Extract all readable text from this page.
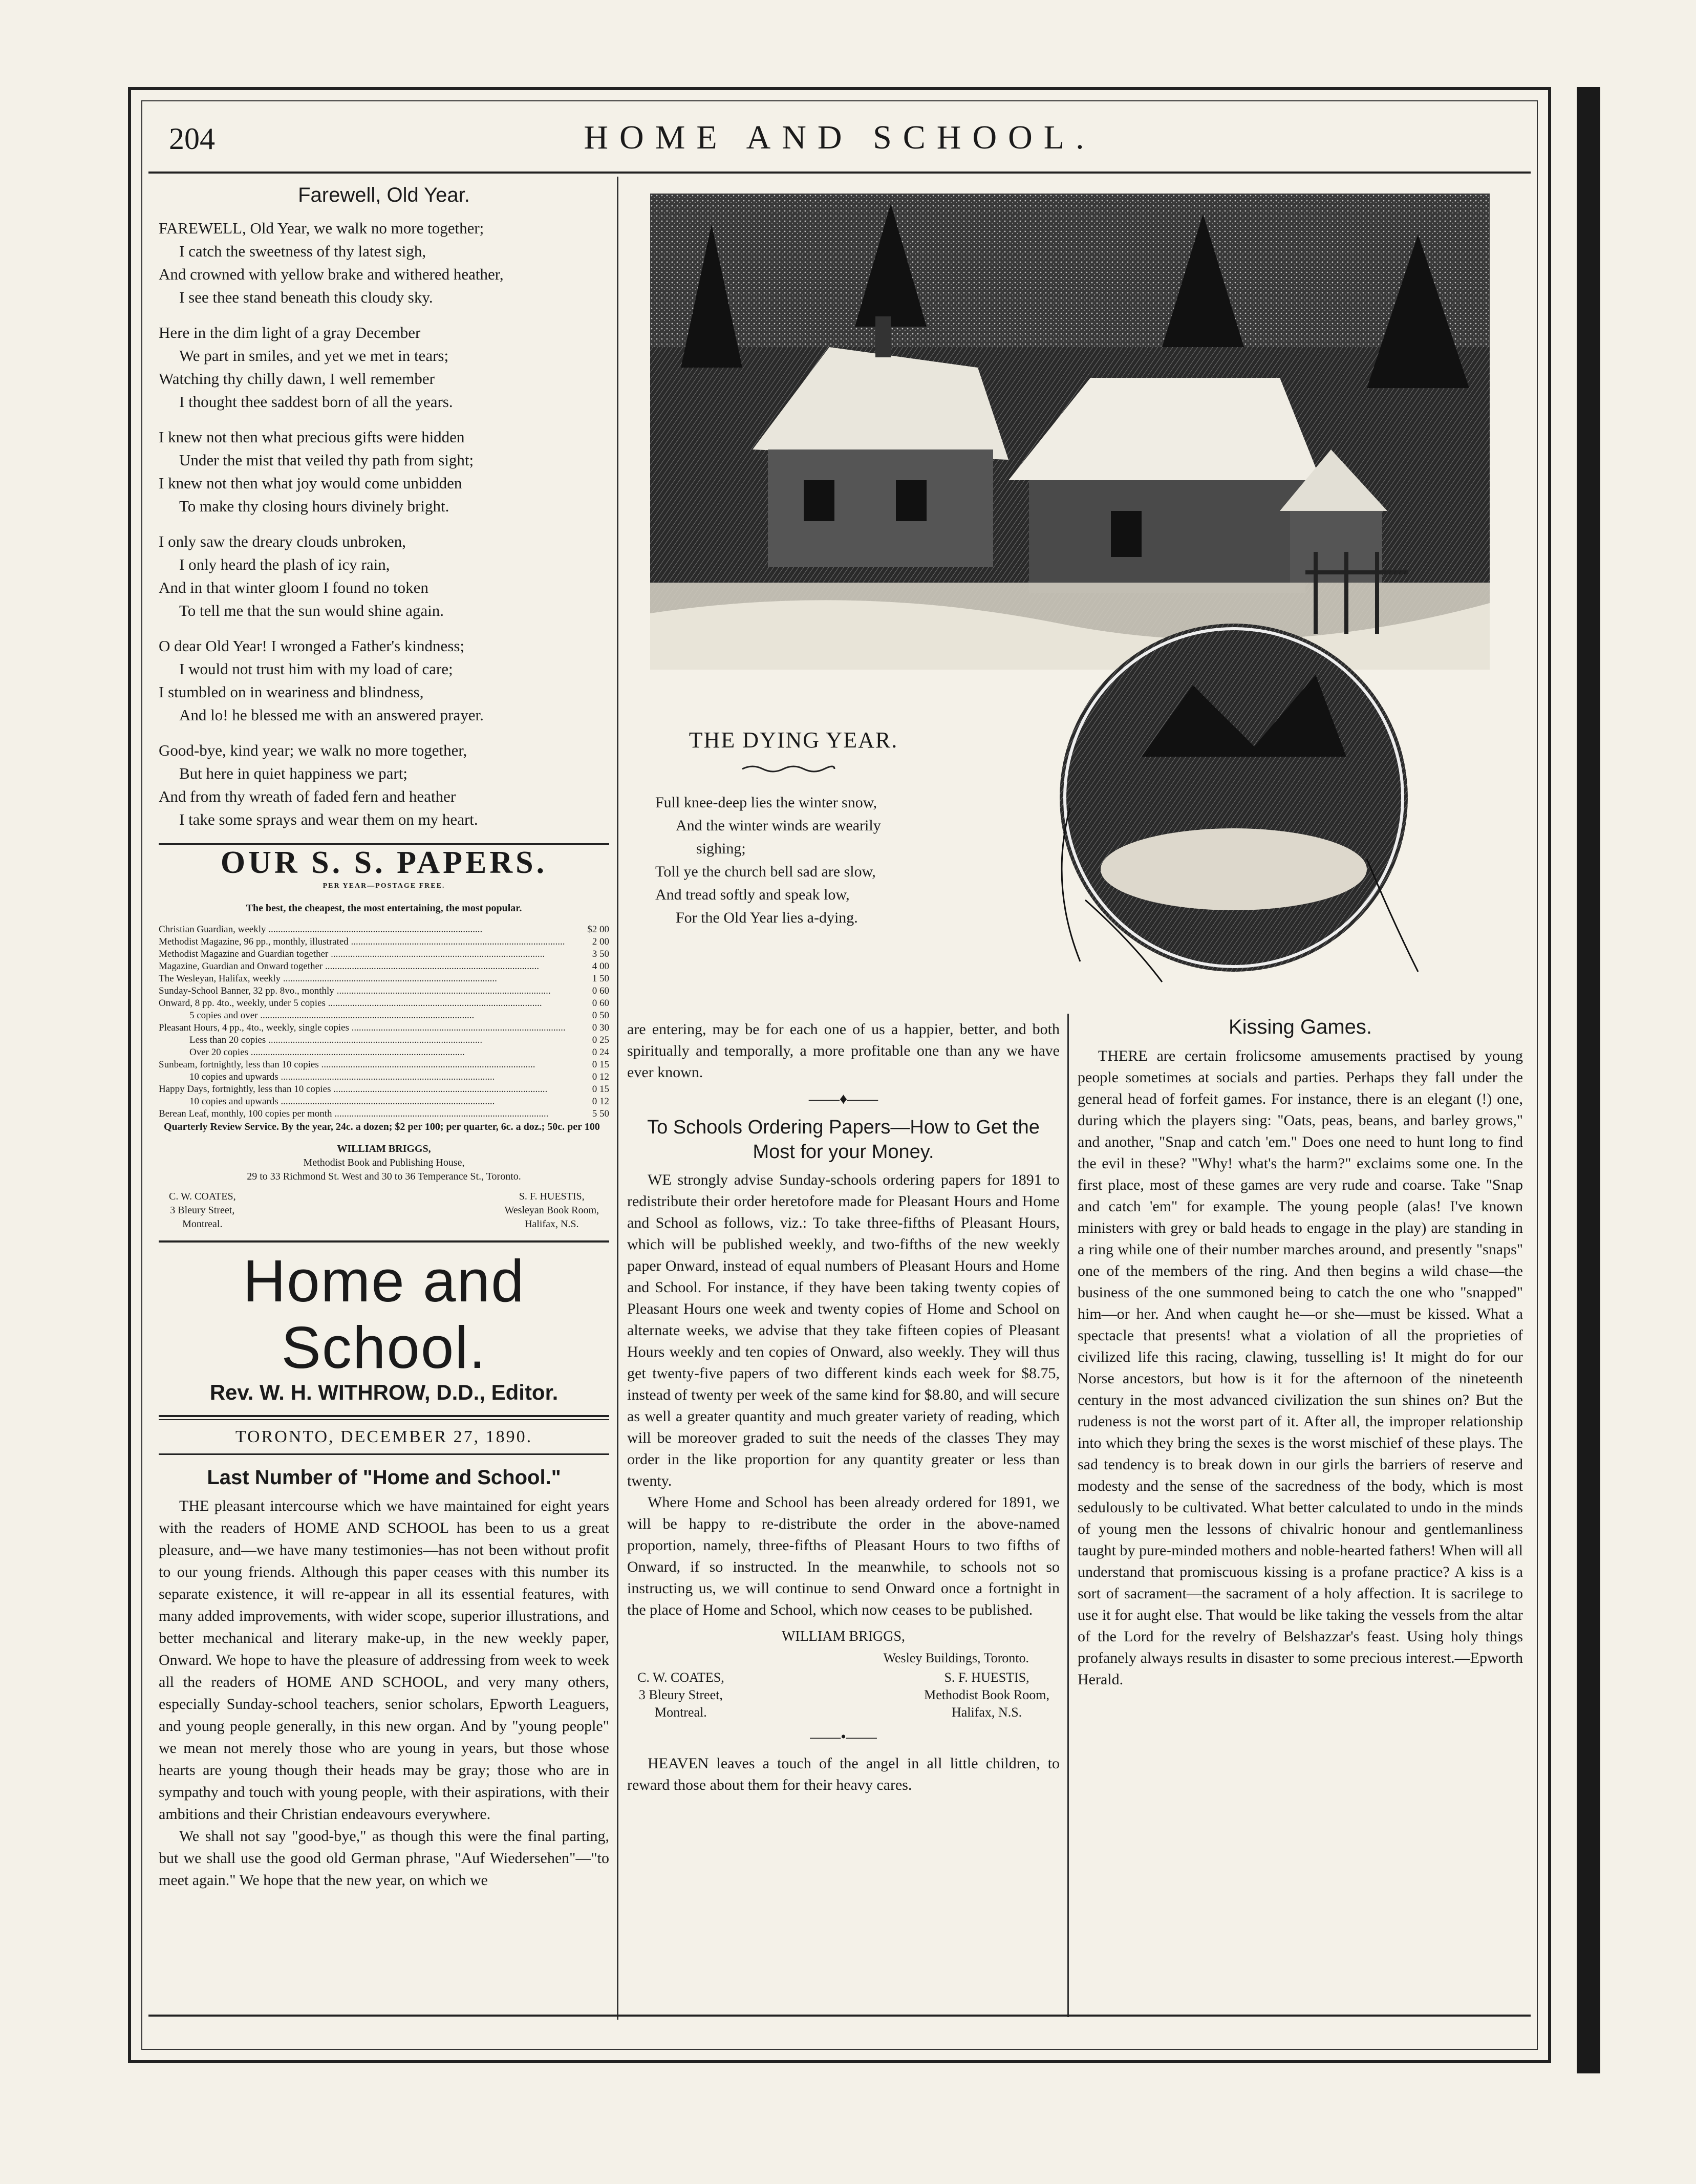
204	HOME AND SCHOOL.
Farewell, Old Year.

FAREWELL, Old Year, we walk no more together;
I catch the sweetness of thy latest sigh,
And crowned with yellow brake and withered heather,
I see thee stand beneath this cloudy sky.

Here in the dim light of a gray December
We part in smiles, and yet we met in tears;
Watching thy chilly dawn, I well remember
I thought thee saddest born of all the years.

I knew not then what precious gifts were hidden
Under the mist that veiled thy path from sight;
I knew not then what joy would come unbidden
To make thy closing hours divinely bright.

I only saw the dreary clouds unbroken,
I only heard the plash of icy rain,
And in that winter gloom I found no token
To tell me that the sun would shine again.

O dear Old Year! I wronged a Father's kindness;
I would not trust him with my load of care;
I stumbled on in weariness and blindness,
And lo! he blessed me with an answered prayer.

Good-bye, kind year; we walk no more together,
But here in quiet happiness we part;
And from thy wreath of faded fern and heather
I take some sprays and wear them on my heart.

OUR S. S. PAPERS.
PER YEAR—POSTAGE FREE.
The best, the cheapest, the most entertaining, the most popular.
Christian Guardian, weekly .....	$2 00
Methodist Magazine, 96 pp., monthly, illustrated .....	2 00
Methodist Magazine and Guardian together .....	3 50
Magazine, Guardian and Onward together .....	4 00
The Wesleyan, Halifax, weekly .....	1 50
Sunday-School Banner, 32 pp. 8vo., monthly .....	0 60
Onward, 8 pp. 4to., weekly, under 5 copies .....	0 60
5 copies and over .....	0 50
Pleasant Hours, 4 pp., 4to., weekly, single copies .....	0 30
Less than 20 copies .....	0 25
Over 20 copies .....	0 24
Sunbeam, fortnightly, less than 10 copies .....	0 15
10 copies and upwards .....	0 12
Happy Days, fortnightly, less than 10 copies .....	0 15
10 copies and upwards .....	0 12
Berean Leaf, monthly, 100 copies per month .....	5 50
Quarterly Review Service. By the year, 24c. a dozen; $2 per 100; per quarter, 6c. a doz.; 50c. per 100
WILLIAM BRIGGS,
Methodist Book and Publishing House,
29 to 33 Richmond St. West and 30 to 36 Temperance St., Toronto.
C. W. COATES,
3 Bleury Street,
Montreal.
S. F. HUESTIS,
Wesleyan Book Room,
Halifax, N.S.
Home and School.
Rev. W. H. WITHROW, D.D., Editor.
TORONTO, DECEMBER 27, 1890.
Last Number of "Home and School."

THE pleasant intercourse which we have maintained for eight years with the readers of HOME AND SCHOOL has been to us a great pleasure, and—we have many testimonies—has not been without profit to our young friends. Although this paper ceases with this number its separate existence, it will re-appear in all its essential features, with many added improvements, with wider scope, superior illustrations, and better mechanical and literary make-up, in the new weekly paper, Onward. We hope to have the pleasure of addressing from week to week all the readers of HOME AND SCHOOL, and very many others, especially Sunday-school teachers, senior scholars, Epworth Leaguers, and young people generally, in this new organ. And by "young people" we mean not merely those who are young in years, but those whose hearts are young though their heads may be gray; those who are in sympathy and touch with young people, with their aspirations, with their ambitions and their Christian endeavours everywhere.

We shall not say "good-bye," as though this were the final parting, but we shall use the good old German phrase, "Auf Wiedersehen"—"to meet again." We hope that the new year, on which we

THE DYING YEAR.
Full knee-deep lies the winter snow,
And the winter winds are wearily
sighing;
Toll ye the church bell sad are slow,
And tread softly and speak low,
For the Old Year lies a-dying.

are entering, may be for each one of us a happier, better, and both spiritually and temporally, a more profitable one than any we have ever known.

——♦——
To Schools Ordering Papers—How to Get the Most for your Money.

WE strongly advise Sunday-schools ordering papers for 1891 to redistribute their order heretofore made for Pleasant Hours and Home and School as follows, viz.: To take three-fifths of Pleasant Hours, which will be published weekly, and two-fifths of the new weekly paper Onward, instead of equal numbers of Pleasant Hours and Home and School. For instance, if they have been taking twenty copies of Pleasant Hours one week and twenty copies of Home and School on alternate weeks, we advise that they take fifteen copies of Pleasant Hours weekly and ten copies of Onward, also weekly. They will thus get twenty-five papers of two different kinds each week for $8.75, instead of twenty per week of the same kind for $8.80, and will secure as well a greater quantity and much greater variety of reading, which will be moreover graded to suit the needs of the classes They may order in the like proportion for any quantity greater or less than twenty.

Where Home and School has been already ordered for 1891, we will be happy to re-distribute the order in the above-named proportion, namely, three-fifths of Pleasant Hours to two fifths of Onward, if so instructed. In the meanwhile, to schools not so instructing us, we will continue to send Onward once a fortnight in the place of Home and School, which now ceases to be published.

WILLIAM BRIGGS,
Wesley Buildings, Toronto.
C. W. COATES,
3 Bleury Street,
Montreal.
S. F. HUESTIS,
Methodist Book Room,
Halifax, N.S.
——•——

HEAVEN leaves a touch of the angel in all little children, to reward those about them for their heavy cares.

Kissing Games.

THERE are certain frolicsome amusements practised by young people sometimes at socials and parties. Perhaps they fall under the general head of forfeit games. For instance, there is an elegant (!) one, during which the players sing: "Oats, peas, beans, and barley grows," and another, "Snap and catch 'em." Does one need to hunt long to find the evil in these? "Why! what's the harm?" exclaims some one. In the first place, most of these games are very rude and coarse. Take "Snap and catch 'em" for example. The young people (alas! I've known ministers with grey or bald heads to engage in the play) are standing in a ring while one of their number marches around, and presently "snaps" one of the members of the ring. And then begins a wild chase—the business of the one summoned being to catch the one who "snapped" him—or her. And when caught he—or she—must be kissed. What a spectacle that presents! what a violation of all the proprieties of civilized life this racing, clawing, tusselling is! It might do for our Norse ancestors, but how is it for the afternoon of the nineteenth century in the most advanced civilization the sun shines on? But the rudeness is not the worst part of it. After all, the improper relationship into which they bring the sexes is the worst mischief of these plays. The sad tendency is to break down in our girls the barriers of reserve and modesty and the sense of the sacredness of the body, which is most sedulously to be cultivated. What better calculated to undo in the minds of young men the lessons of chivalric honour and gentlemanliness taught by pure-minded mothers and noble-hearted fathers! When will all understand that promiscuous kissing is a profane practice? A kiss is a sort of sacrament—the sacrament of a holy affection. It is sacrilege to use it for aught else. That would be like taking the vessels from the altar of the Lord for the revelry of Belshazzar's feast. Using holy things profanely always results in disaster to some precious interest.—Epworth Herald.
